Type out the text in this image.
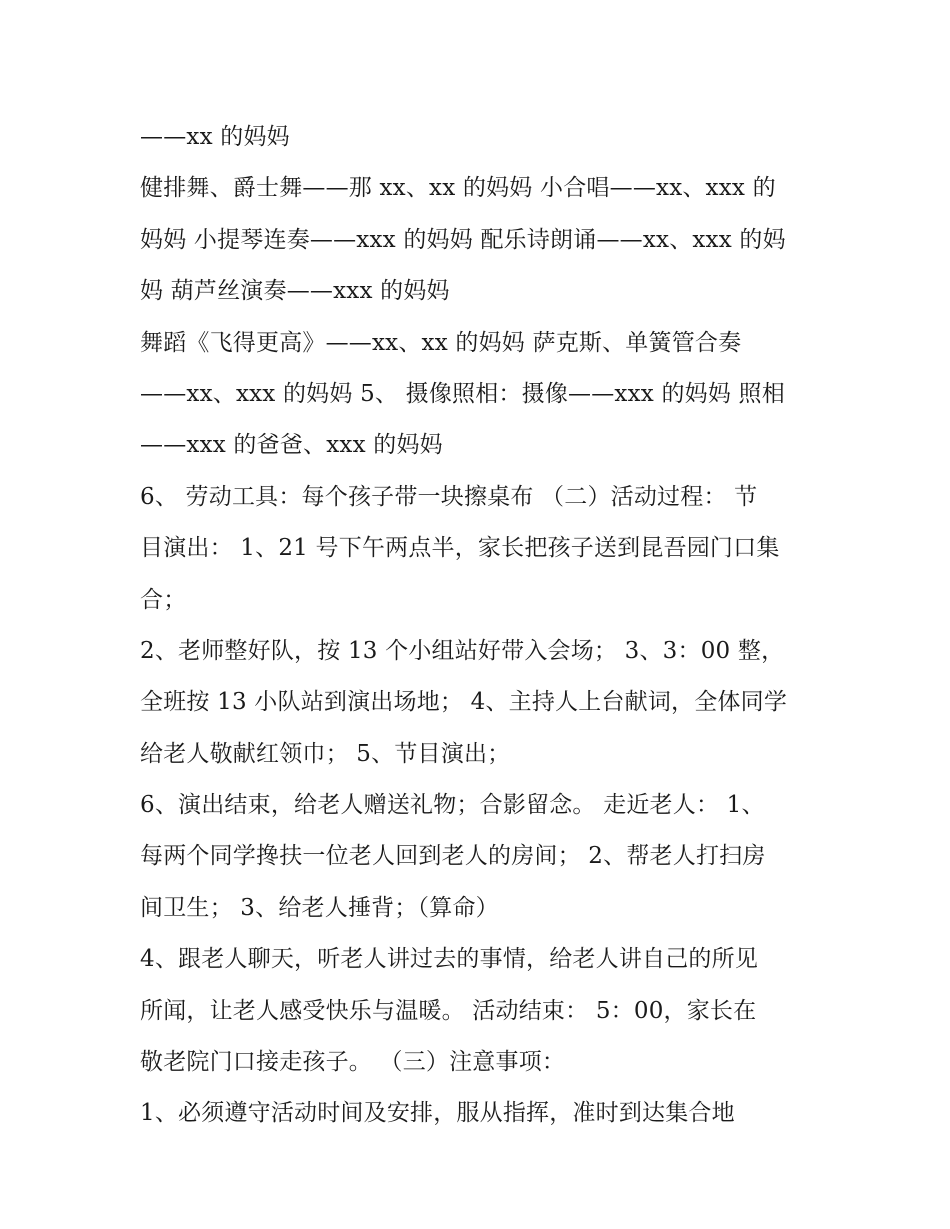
——xx 的妈妈
健排舞、爵士舞——那 xx、xx 的妈妈 小合唱——xx、xxx 的
妈妈 小提琴连奏——xxx 的妈妈 配乐诗朗诵——xx、xxx 的妈
妈 葫芦丝演奏——xxx 的妈妈
舞蹈《飞得更高》——xx、xx 的妈妈 萨克斯、单簧管合奏
——xx、xxx 的妈妈 5、 摄像照相：摄像——xxx 的妈妈 照相
——xxx 的爸爸、xxx 的妈妈
6、 劳动工具：每个孩子带一块擦桌布 （二）活动过程： 节
目演出： 1、21 号下午两点半，家长把孩子送到昆吾园门口集
合；
2、老师整好队，按 13 个小组站好带入会场； 3、3：00 整，
全班按 13 小队站到演出场地； 4、主持人上台献词，全体同学
给老人敬献红领巾； 5、节目演出；
6、演出结束，给老人赠送礼物；合影留念。 走近老人： 1、
每两个同学搀扶一位老人回到老人的房间； 2、帮老人打扫房
间卫生； 3、给老人捶背；（算命）
4、跟老人聊天，听老人讲过去的事情，给老人讲自己的所见
所闻，让老人感受快乐与温暖。 活动结束： 5：00，家长在
敬老院门口接走孩子。 （三）注意事项：
1、必须遵守活动时间及安排，服从指挥，准时到达集合地
